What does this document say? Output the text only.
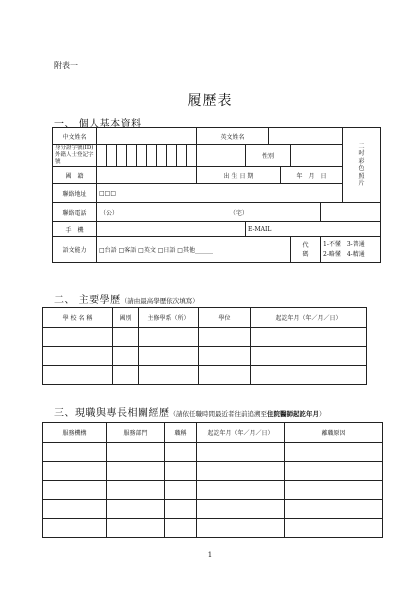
附表一
履歷表
一、 個人基本資料
中文姓名											英文姓名						二吋彩色照片

身分證字號(ID)
外籍人士登記字號												性別					
國　籍											出 生 日 期			年　月　日			
聯絡地址	□□□																
聯絡電話	（公） （宅）																
手　機												E-MAIL					
語文能力	□台語 □客語 □英文 □日語 □其他______														代碼	1-不懂　3-普通
2-略懂　4-精通	
二、 主要學歷（請由最高學歷依次填寫）
學 校 名 稱	國別	主修學系（所）	學位	起訖年月（年／月／日）

三、現職與專長相關經歷（請依任職時間最近者往前追溯至住院醫師起訖年月）
服務機構	服務部門	職稱	起訖年月（年／月／日）	離職原因

1
